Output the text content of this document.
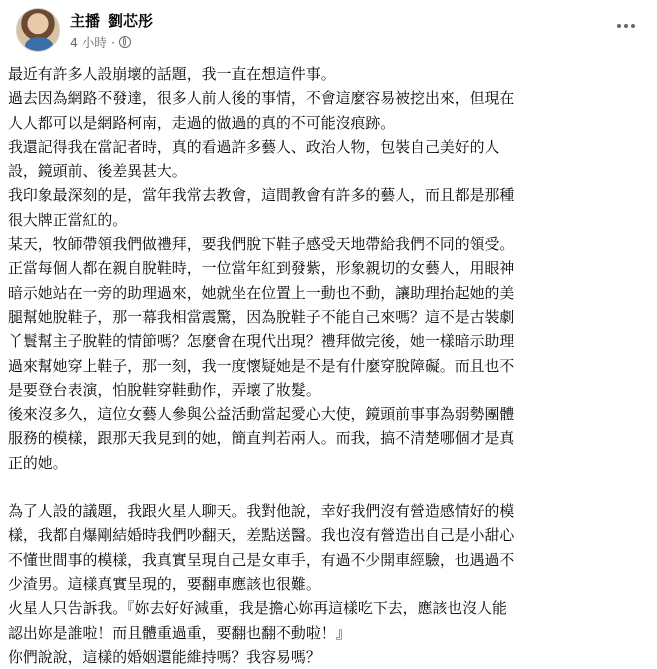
主播 劉芯彤
4 小時 ·

最近有許多人設崩壞的話題，我一直在想這件事。

過去因為網路不發達，很多人前人後的事情，不會這麼容易被挖出來，但現在
人人都可以是網路柯南，走過的做過的真的不可能沒痕跡。

我還記得我在當記者時，真的看過許多藝人、政治人物，包裝自己美好的人
設，鏡頭前、後差異甚大。

我印象最深刻的是，當年我常去教會，這間教會有許多的藝人，而且都是那種
很大牌正當紅的。

某天，牧師帶領我們做禮拜，要我們脫下鞋子感受天地帶給我們不同的領受。
正當每個人都在親自脫鞋時，一位當年紅到發紫，形象親切的女藝人，用眼神
暗示她站在一旁的助理過來，她就坐在位置上一動也不動，讓助理抬起她的美
腿幫她脫鞋子，那一幕我相當震驚，因為脫鞋子不能自己來嗎？這不是古裝劇
丫鬟幫主子脫鞋的情節嗎？怎麼會在現代出現？禮拜做完後，她一樣暗示助理
過來幫她穿上鞋子，那一刻，我一度懷疑她是不是有什麼穿脫障礙。而且也不
是要登台表演，怕脫鞋穿鞋動作，弄壞了妝髮。

後來沒多久，這位女藝人參與公益活動當起愛心大使，鏡頭前事事為弱勢團體
服務的模樣，跟那天我見到的她，簡直判若兩人。而我，搞不清楚哪個才是真
正的她。

為了人設的議題，我跟火星人聊天。我對他說，幸好我們沒有營造感情好的模
樣，我都自爆剛結婚時我們吵翻天，差點送醫。我也沒有營造出自己是小甜心
不懂世間事的模樣，我真實呈現自己是女車手，有過不少開車經驗，也遇過不
少渣男。這樣真實呈現的，要翻車應該也很難。

火星人只告訴我。『妳去好好減重，我是擔心妳再這樣吃下去，應該也沒人能
認出妳是誰啦！而且體重過重，要翻也翻不動啦！』

你們說說，這樣的婚姻還能維持嗎？我容易嗎？
